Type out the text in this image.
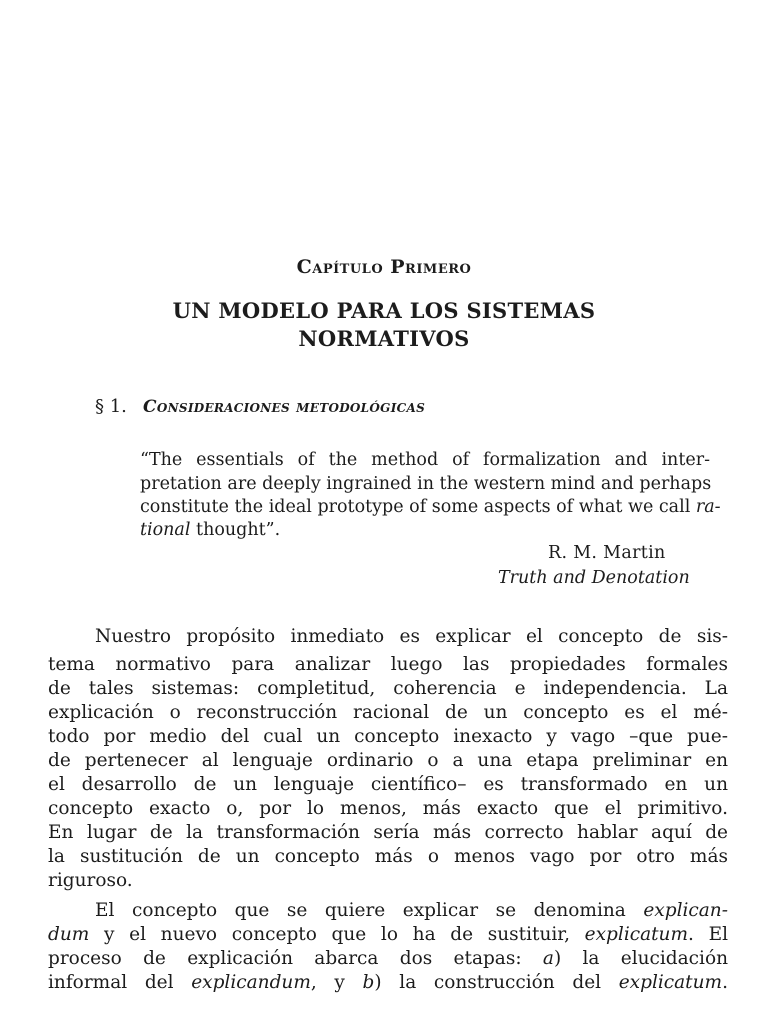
Capítulo Primero
UN MODELO PARA LOS SISTEMAS
NORMATIVOS
§ 1. Consideraciones metodológicas
“The essentials of the method of formalization and inter-
pretation are deeply ingrained in the western mind and perhaps
constitute the ideal prototype of some aspects of what we call ra-
tional thought”.
R. M. Martin
Truth and Denotation
Nuestro propósito inmediato es explicar el concepto de sis-
tema normativo para analizar luego las propiedades formales
de tales sistemas: completitud, coherencia e independencia. La
explicación o reconstrucción racional de un concepto es el mé-
todo por medio del cual un concepto inexacto y vago –que pue-
de pertenecer al lenguaje ordinario o a una etapa preliminar en
el desarrollo de un lenguaje científico– es transformado en un
concepto exacto o, por lo menos, más exacto que el primitivo.
En lugar de la transformación sería más correcto hablar aquí de
la sustitución de un concepto más o menos vago por otro más
riguroso.
El concepto que se quiere explicar se denomina explican-
dum y el nuevo concepto que lo ha de sustituir, explicatum. El
proceso de explicación abarca dos etapas: a) la elucidación
informal del explicandum, y b) la construcción del explicatum.
